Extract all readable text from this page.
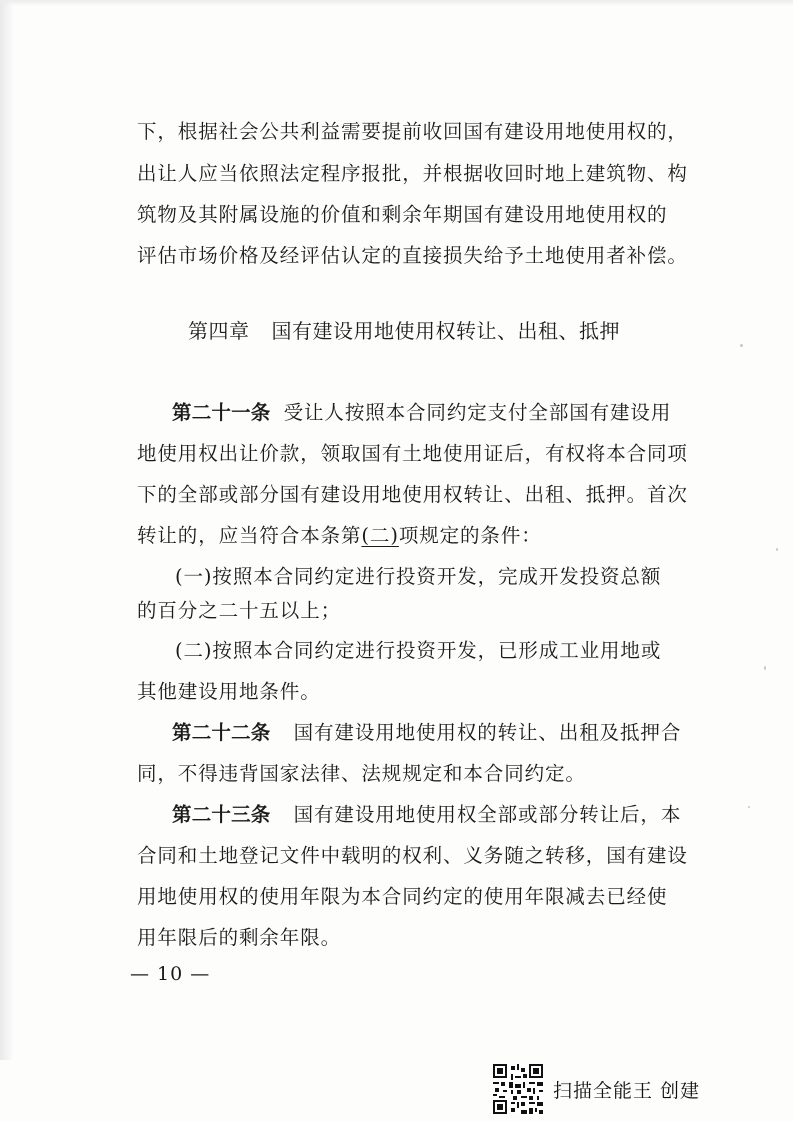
下，根据社会公共利益需要提前收回国有建设用地使用权的，
出让人应当依照法定程序报批，并根据收回时地上建筑物、构
筑物及其附属设施的价值和剩余年期国有建设用地使用权的
评估市场价格及经评估认定的直接损失给予土地使用者补偿。
第四章 国有建设用地使用权转让、出租、抵押
第二十一条 受让人按照本合同约定支付全部国有建设用
地使用权出让价款，领取国有土地使用证后，有权将本合同项
下的全部或部分国有建设用地使用权转让、出租、抵押。首次
转让的，应当符合本条第(二)项规定的条件：
(一)按照本合同约定进行投资开发，完成开发投资总额
的百分之二十五以上；
(二)按照本合同约定进行投资开发，已形成工业用地或
其他建设用地条件。
第二十二条 国有建设用地使用权的转让、出租及抵押合
同，不得违背国家法律、法规规定和本合同约定。
第二十三条 国有建设用地使用权全部或部分转让后，本
合同和土地登记文件中载明的权利、义务随之转移，国有建设
用地使用权的使用年限为本合同约定的使用年限减去已经使
用年限后的剩余年限。
— 10 —
扫描全能王 创建
